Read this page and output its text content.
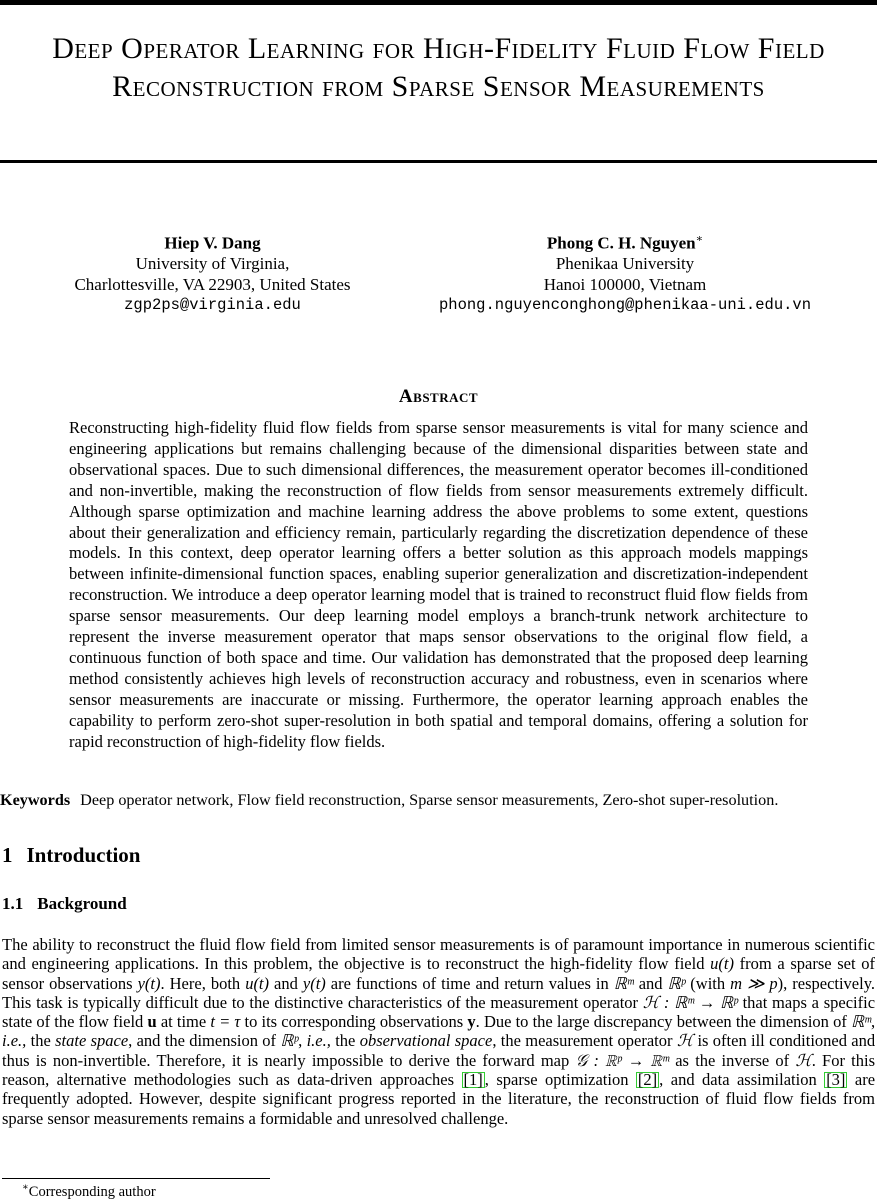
Deep Operator Learning for High-Fidelity Fluid Flow Field Reconstruction from Sparse Sensor Measurements
Hiep V. Dang
University of Virginia,
Charlottesville, VA 22903, United States
zgp2ps@virginia.edu
Phong C. H. Nguyen∗
Phenikaa University
Hanoi 100000, Vietnam
phong.nguyenconghong@phenikaa-uni.edu.vn
Abstract
Reconstructing high-fidelity fluid flow fields from sparse sensor measurements is vital for many science and engineering applications but remains challenging because of the dimensional disparities between state and observational spaces. Due to such dimensional differences, the measurement operator becomes ill-conditioned and non-invertible, making the reconstruction of flow fields from sensor measurements extremely difficult. Although sparse optimization and machine learning address the above problems to some extent, questions about their generalization and efficiency remain, particularly regarding the discretization dependence of these models. In this context, deep operator learning offers a better solution as this approach models mappings between infinite-dimensional function spaces, enabling superior generalization and discretization-independent reconstruction. We introduce a deep operator learning model that is trained to reconstruct fluid flow fields from sparse sensor measurements. Our deep learning model employs a branch-trunk network architecture to represent the inverse measurement operator that maps sensor observations to the original flow field, a continuous function of both space and time. Our validation has demonstrated that the proposed deep learning method consistently achieves high levels of reconstruction accuracy and robustness, even in scenarios where sensor measurements are inaccurate or missing. Furthermore, the operator learning approach enables the capability to perform zero-shot super-resolution in both spatial and temporal domains, offering a solution for rapid reconstruction of high-fidelity flow fields.
Keywords Deep operator network, Flow field reconstruction, Sparse sensor measurements, Zero-shot super-resolution.
1 Introduction
1.1 Background
The ability to reconstruct the fluid flow field from limited sensor measurements is of paramount importance in numerous scientific and engineering applications. In this problem, the objective is to reconstruct the high-fidelity flow field u(t) from a sparse set of sensor observations y(t). Here, both u(t) and y(t) are functions of time and return values in ℝᵐ and ℝᵖ (with m ≫ p), respectively. This task is typically difficult due to the distinctive characteristics of the measurement operator ℋ : ℝᵐ → ℝᵖ that maps a specific state of the flow field u at time t = τ to its corresponding observations y. Due to the large discrepancy between the dimension of ℝᵐ, i.e., the state space, and the dimension of ℝᵖ, i.e., the observational space, the measurement operator ℋ is often ill conditioned and thus is non-invertible. Therefore, it is nearly impossible to derive the forward map 𝒢 : ℝᵖ → ℝᵐ as the inverse of ℋ. For this reason, alternative methodologies such as data-driven approaches [1] , sparse optimization [2] , and data assimilation [3] are frequently adopted. However, despite significant progress reported in the literature, the reconstruction of fluid flow fields from sparse sensor measurements remains a formidable and unresolved challenge.
∗Corresponding author
